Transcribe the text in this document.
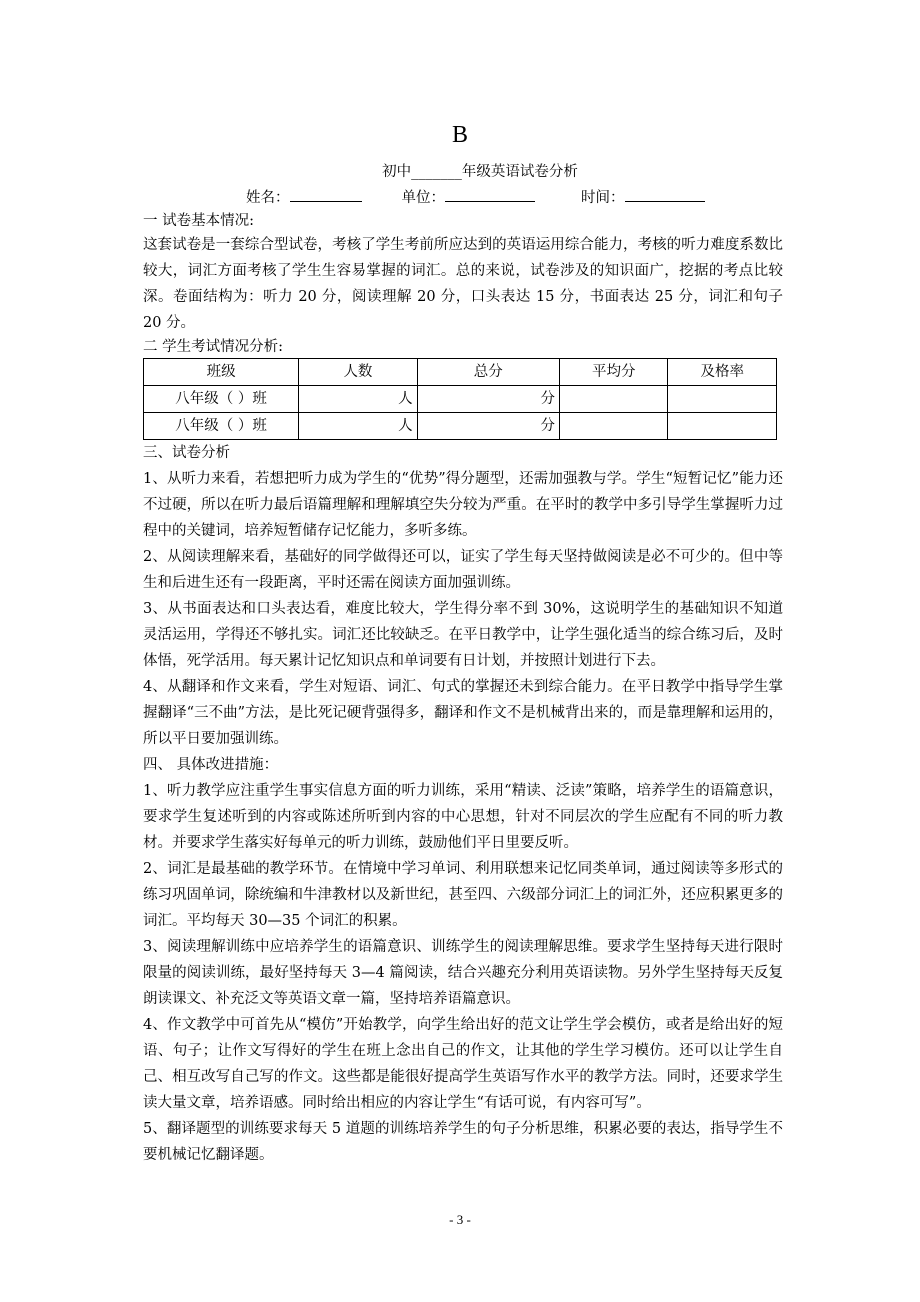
B
初中_______年级英语试卷分析
姓名：	单位：	时间：

一 试卷基本情况:

这套试卷是一套综合型试卷，考核了学生考前所应达到的英语运用综合能力，考核的听力难度系数比较大，词汇方面考核了学生生容易掌握的词汇。总的来说，试卷涉及的知识面广，挖据的考点比较深。卷面结构为：听力 20 分，阅读理解 20 分，口头表达 15 分，书面表达 25 分，词汇和句子 20 分。

二 学生考试情况分析:

班级	人数	总分	平均分	及格率
八年级（ ）班	人	分		
八年级（ ）班	人	分		

三、试卷分析

1、从听力来看，若想把听力成为学生的“优势”得分题型，还需加强教与学。学生“短暂记忆”能力还不过硬，所以在听力最后语篇理解和理解填空失分较为严重。在平时的教学中多引导学生掌握听力过程中的关键词，培养短暂储存记忆能力，多听多练。

2、从阅读理解来看，基础好的同学做得还可以，证实了学生每天坚持做阅读是必不可少的。但中等生和后进生还有一段距离，平时还需在阅读方面加强训练。

3、从书面表达和口头表达看，难度比较大，学生得分率不到 30%，这说明学生的基础知识不知道灵活运用，学得还不够扎实。词汇还比较缺乏。在平日教学中，让学生强化适当的综合练习后，及时体悟，死学活用。每天累计记忆知识点和单词要有日计划，并按照计划进行下去。

4、从翻译和作文来看，学生对短语、词汇、句式的掌握还未到综合能力。在平日教学中指导学生掌握翻译“三不曲”方法，是比死记硬背强得多，翻译和作文不是机械背出来的，而是靠理解和运用的，所以平日要加强训练。

四、 具体改进措施：

1、听力教学应注重学生事实信息方面的听力训练，采用“精读、泛读”策略，培养学生的语篇意识，要求学生复述听到的内容或陈述所听到内容的中心思想，针对不同层次的学生应配有不同的听力教材。并要求学生落实好每单元的听力训练，鼓励他们平日里要反听。

2、词汇是最基础的教学环节。在情境中学习单词、利用联想来记忆同类单词，通过阅读等多形式的练习巩固单词，除统编和牛津教材以及新世纪，甚至四、六级部分词汇上的词汇外，还应积累更多的词汇。平均每天 30—35 个词汇的积累。

3、阅读理解训练中应培养学生的语篇意识、训练学生的阅读理解思维。要求学生坚持每天进行限时限量的阅读训练，最好坚持每天 3—4 篇阅读，结合兴趣充分利用英语读物。另外学生坚持每天反复朗读课文、补充泛文等英语文章一篇，坚持培养语篇意识。

4、作文教学中可首先从“模仿”开始教学，向学生给出好的范文让学生学会模仿，或者是给出好的短语、句子；让作文写得好的学生在班上念出自己的作文，让其他的学生学习模仿。还可以让学生自己、相互改写自己写的作文。这些都是能很好提高学生英语写作水平的教学方法。同时，还要求学生读大量文章，培养语感。同时给出相应的内容让学生“有话可说，有内容可写”。

5、翻译题型的训练要求每天 5 道题的训练培养学生的句子分析思维，积累必要的表达，指导学生不要机械记忆翻译题。

- 3 -
